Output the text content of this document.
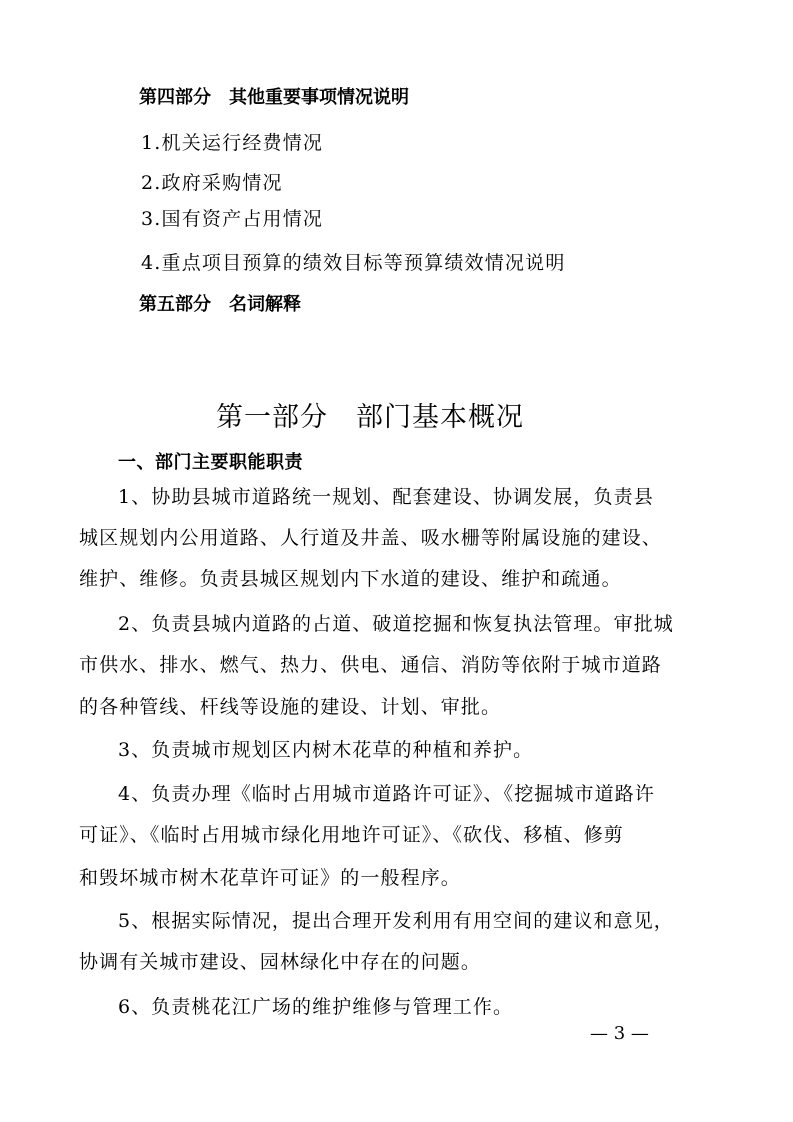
第四部分　其他重要事项情况说明
1.机关运行经费情况
2.政府采购情况
3.国有资产占用情况
4.重点项目预算的绩效目标等预算绩效情况说明
第五部分　名词解释
第一部分　部门基本概况
一、部门主要职能职责
1、协助县城市道路统一规划、配套建设、协调发展，负责县
城区规划内公用道路、人行道及井盖、吸水栅等附属设施的建设、
维护、维修。负责县城区规划内下水道的建设、维护和疏通。
2、负责县城内道路的占道、破道挖掘和恢复执法管理。审批城
市供水、排水、燃气、热力、供电、通信、消防等依附于城市道路
的各种管线、杆线等设施的建设、计划、审批。
3、负责城市规划区内树木花草的种植和养护。
4、负责办理《临时占用城市道路许可证》、《挖掘城市道路许
可证》、《临时占用城市绿化用地许可证》、《砍伐、移植、修剪
和毁坏城市树木花草许可证》的一般程序。
5、根据实际情况，提出合理开发利用有用空间的建议和意见，
协调有关城市建设、园林绿化中存在的问题。
6、负责桃花江广场的维护维修与管理工作。
— 3 —
